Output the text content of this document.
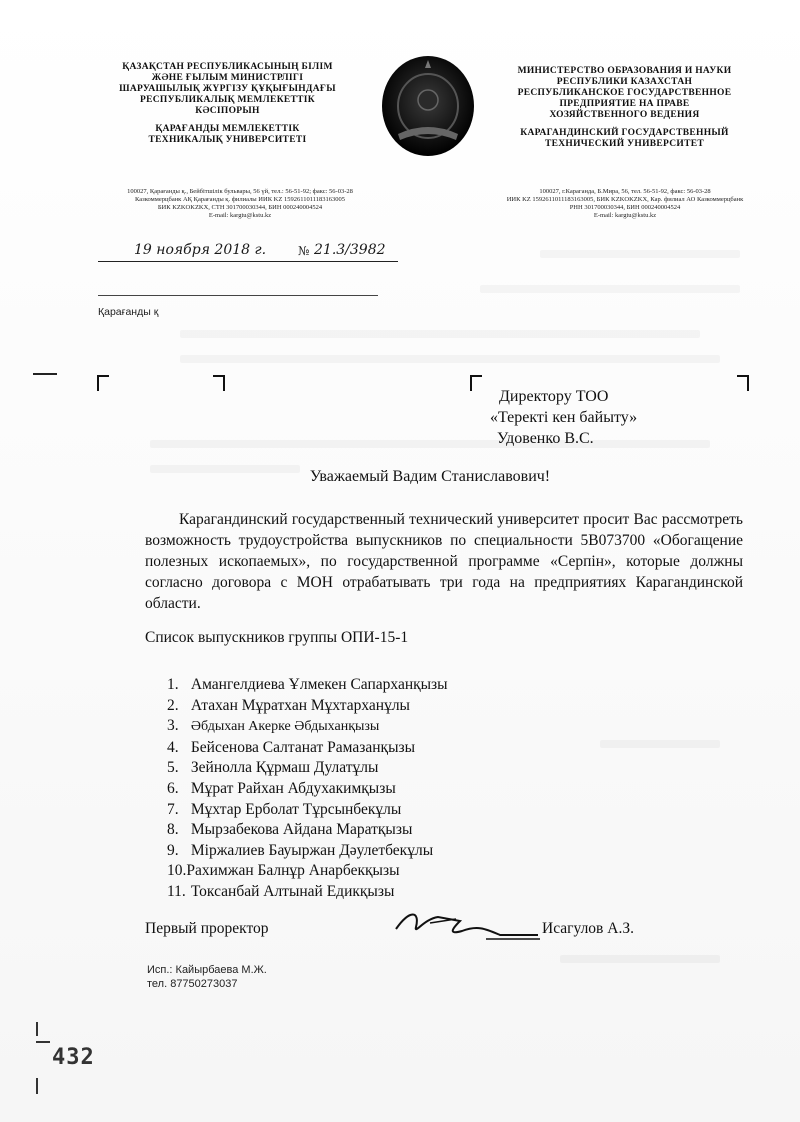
ҚАЗАҚСТАН РЕСПУБЛИКАСЫНЫҢ БІЛІМ
ЖӘНЕ ҒЫЛЫМ МИНИСТРЛІГІ
ШАРУАШЫЛЫҚ ЖҮРГІЗУ ҚҰҚЫҒЫНДАҒЫ
РЕСПУБЛИКАЛЫҚ МЕМЛЕКЕТТІК
КӘСІПОРЫН
ҚАРАҒАНДЫ МЕМЛЕКЕТТІК
ТЕХНИКАЛЫҚ УНИВЕРСИТЕТІ
МИНИСТЕРСТВО ОБРАЗОВАНИЯ И НАУКИ
РЕСПУБЛИКИ КАЗАХСТАН
РЕСПУБЛИКАНСКОЕ ГОСУДАРСТВЕННОЕ
ПРЕДПРИЯТИЕ НА ПРАВЕ
ХОЗЯЙСТВЕННОГО ВЕДЕНИЯ
КАРАГАНДИНСКИЙ ГОСУДАРСТВЕННЫЙ
ТЕХНИЧЕСКИЙ УНИВЕРСИТЕТ
100027, Қарағанды қ., Бейбітшілік бульвары, 56 үй, тел.: 56-51-92; факс: 56-03-28
Казкоммерцбанк АҚ Қарағанды қ. филиалы ИИК KZ 1592611011183163005
БИК KZKOKZKX, СТН 301700030344, БИН 000240004524
E-mail: kargtu@kstu.kz
100027, г.Караганда, Б.Мира, 56, тел. 56-51-92, факс: 56-03-28
ИИК KZ 1592611011183163005, БИК KZKOKZKX, Кар. филиал АО Казкоммерцбанк
РНН 301700030344, БИН 000240004524
E-mail: kargtu@kstu.kz
19 ноября 2018 г.	№ 21.3/3982
Қарағанды қ
Директору ТОО
«Теректі кен байыту»
Удовенко В.С.
Уважаемый Вадим Станиславович!
Карагандинский государственный технический университет просит Вас рассмотреть возможность трудоустройства выпускников по специальности 5В073700 «Обогащение полезных ископаемых», по государственной программе «Серпін», которые должны согласно договора с МОН отрабатывать три года на предприятиях Карагандинской области.
Список выпускников группы ОПИ-15-1
1. Амангелдиева Ұлмекен Сапарханқызы
2. Атахан Мұратхан Мұхтарханұлы
3. Әбдыхан Акерке Әбдыханқызы
4. Бейсенова Салтанат Рамазанқызы
5. Зейнолла Құрмаш Дулатұлы
6. Мұрат Райхан Абдухакимқызы
7. Мұхтар Ерболат Тұрсынбекұлы
8. Мырзабекова Айдана Маратқызы
9. Міржалиев Бауыржан Дәулетбекұлы
10.Рахимжан Балнұр Анарбекқызы
11. Токсанбай Алтынай Едикқызы
Первый проректор	Исагулов А.З.
Исп.: Кайырбаева М.Ж.
тел. 87750273037
432
